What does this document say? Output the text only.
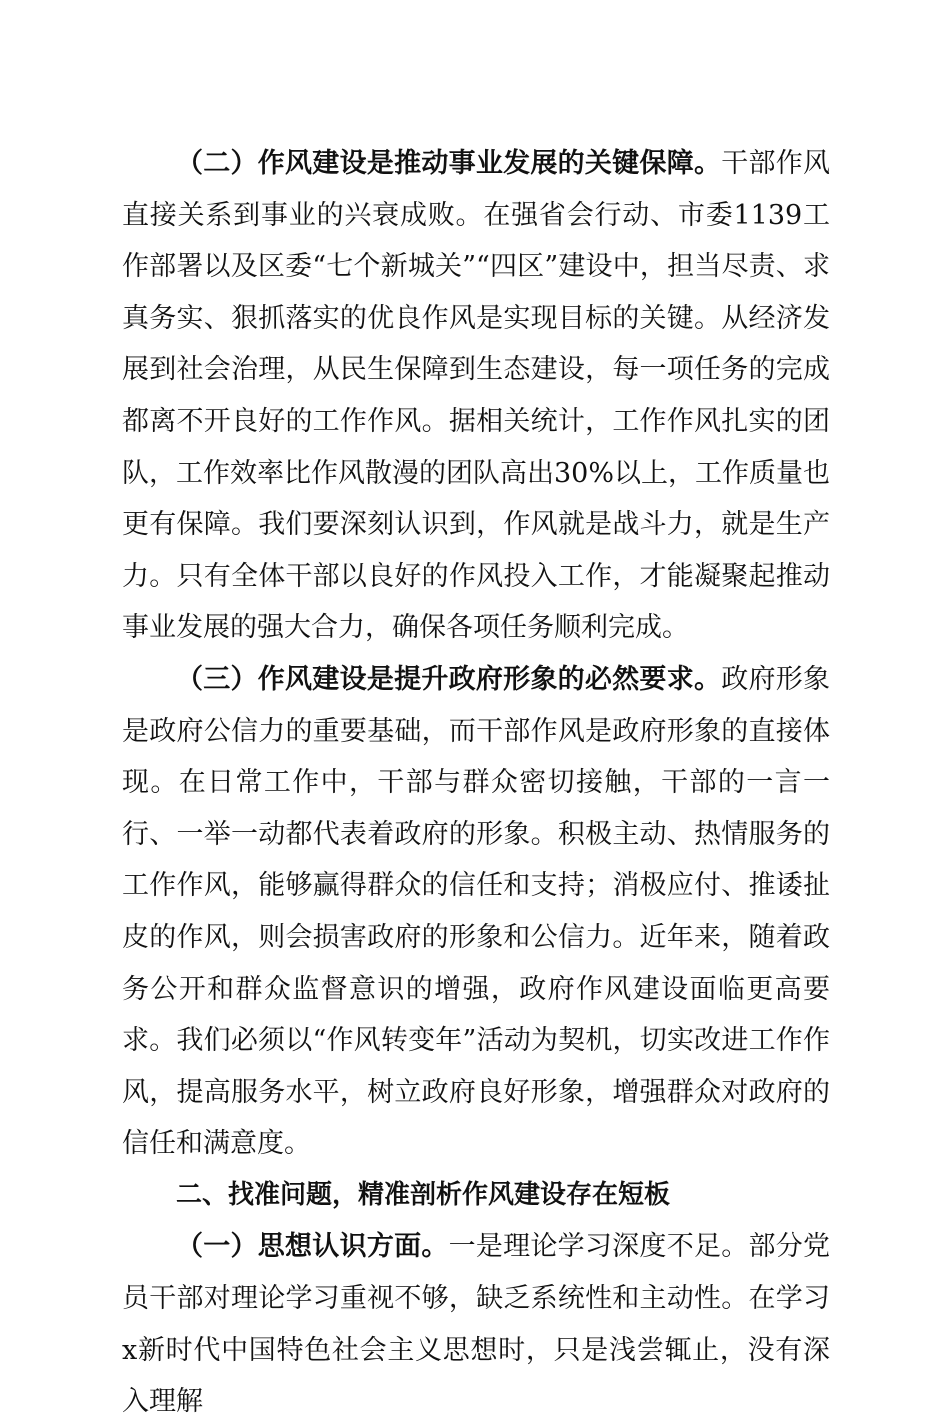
（二）作风建设是推动事业发展的关键保障。干部作风直接关系到事业的兴衰成败。在强省会行动、市委1139工作部署以及区委“七个新城关”“四区”建设中，担当尽责、求真务实、狠抓落实的优良作风是实现目标的关键。从经济发展到社会治理，从民生保障到生态建设，每一项任务的完成都离不开良好的工作作风。据相关统计，工作作风扎实的团队，工作效率比作风散漫的团队高出30%以上，工作质量也更有保障。我们要深刻认识到，作风就是战斗力，就是生产力。只有全体干部以良好的作风投入工作，才能凝聚起推动事业发展的强大合力，确保各项任务顺利完成。

（三）作风建设是提升政府形象的必然要求。政府形象是政府公信力的重要基础，而干部作风是政府形象的直接体现。在日常工作中，干部与群众密切接触，干部的一言一行、一举一动都代表着政府的形象。积极主动、热情服务的工作作风，能够赢得群众的信任和支持；消极应付、推诿扯皮的作风，则会损害政府的形象和公信力。近年来，随着政务公开和群众监督意识的增强，政府作风建设面临更高要求。我们必须以“作风转变年”活动为契机，切实改进工作作风，提高服务水平，树立政府良好形象，增强群众对政府的信任和满意度。

二、找准问题，精准剖析作风建设存在短板

（一）思想认识方面。一是理论学习深度不足。部分党员干部对理论学习重视不够，缺乏系统性和主动性。在学习x新时代中国特色社会主义思想时，只是浅尝辄止，没有深入理解
